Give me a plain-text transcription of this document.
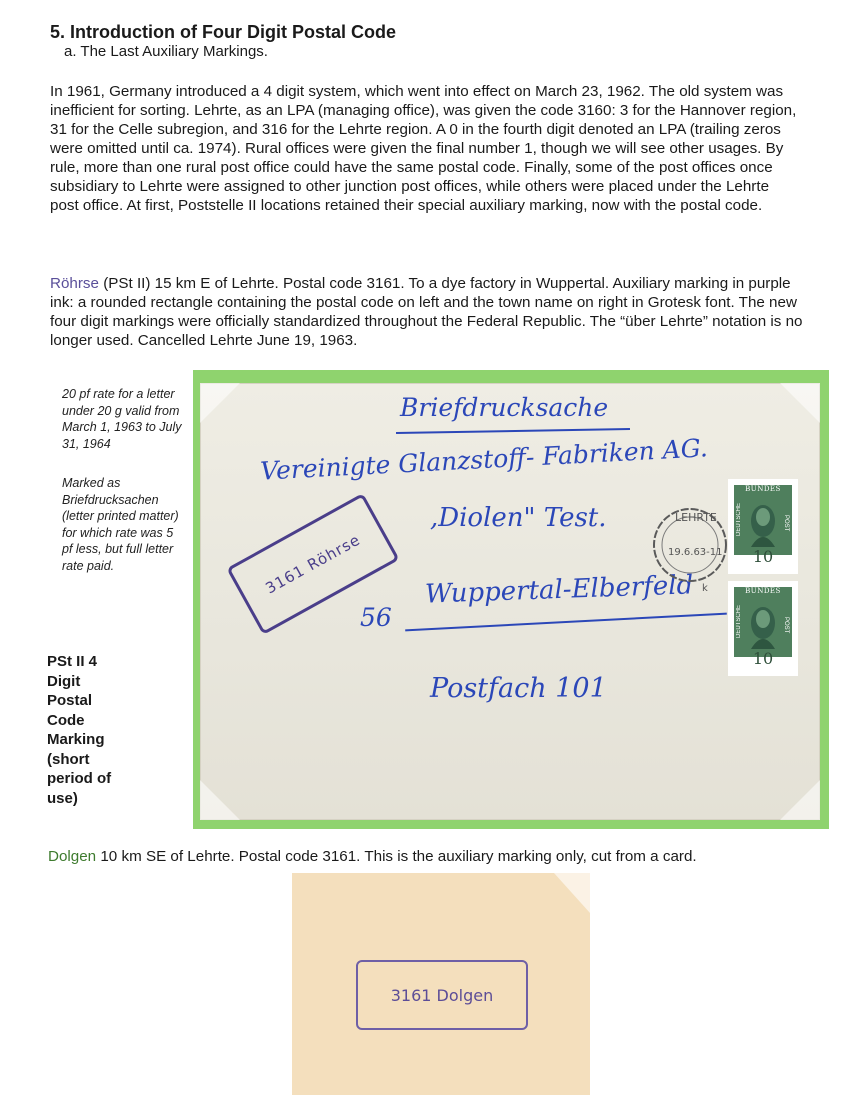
5. Introduction of Four Digit Postal Code
a. The Last Auxiliary Markings.
In 1961, Germany introduced a 4 digit system, which went into effect on March 23, 1962. The old system was inefficient for sorting. Lehrte, as an LPA (managing office), was given the code 3160: 3 for the Hannover region, 31 for the Celle subregion, and 316 for the Lehrte region. A 0 in the fourth digit denoted an LPA (trailing zeros were omitted until ca. 1974). Rural offices were given the final number 1, though we will see other usages. By rule, more than one rural post office could have the same postal code. Finally, some of the post offices once subsidiary to Lehrte were assigned to other junction post offices, while others were placed under the Lehrte post office. At first, Poststelle II locations retained their special auxiliary marking, now with the postal code.
Röhrse (PSt II) 15 km E of Lehrte. Postal code 3161. To a dye factory in Wuppertal. Auxiliary marking in purple ink: a rounded rectangle containing the postal code on left and the town name on right in Grotesk font. The new four digit markings were officially standardized throughout the Federal Republic. The “über Lehrte” notation is no longer used. Cancelled Lehrte June 19, 1963.
20 pf rate for a letter under 20 g valid from March 1, 1963 to July 31, 1964
Marked as Briefdrucksachen (letter printed matter) for which rate was 5 pf less, but full letter rate paid.
PSt II 4 Digit Postal Code Marking (short period of use)
Briefdrucksache
Vereinigte Glanzstoff- Fabriken AG.
,Diolen" Test.
56
Wuppertal-Elberfeld
Postfach 101
3161 Röhrse
LEHRTE
19.6.63-11
k
BUNDES
DEUTSCHE	POST
10
BUNDES
DEUTSCHE	POST
10
Dolgen 10 km SE of Lehrte. Postal code 3161. This is the auxiliary marking only, cut from a card.
3161 Dolgen
